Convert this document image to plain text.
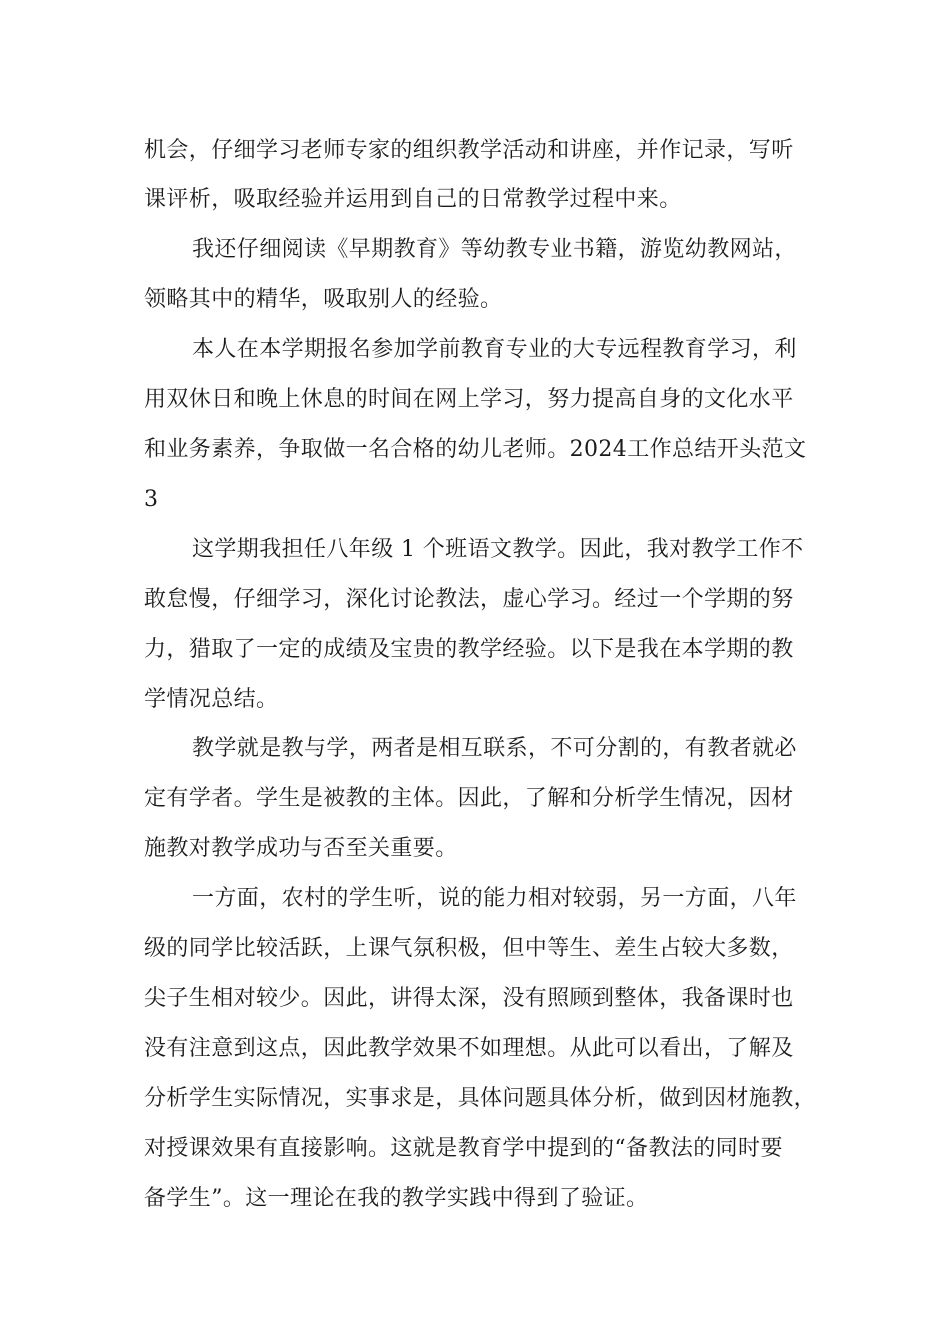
机会，仔细学习老师专家的组织教学活动和讲座，并作记录，写听
课评析，吸取经验并运用到自己的日常教学过程中来。
我还仔细阅读《早期教育》等幼教专业书籍，游览幼教网站，
领略其中的精华，吸取别人的经验。
本人在本学期报名参加学前教育专业的大专远程教育学习，利
用双休日和晚上休息的时间在网上学习，努力提高自身的文化水平
和业务素养，争取做一名合格的幼儿老师。2024工作总结开头范文
3
这学期我担任八年级 1 个班语文教学。因此，我对教学工作不
敢怠慢，仔细学习，深化讨论教法，虚心学习。经过一个学期的努
力，猎取了一定的成绩及宝贵的教学经验。以下是我在本学期的教
学情况总结。
教学就是教与学，两者是相互联系，不可分割的，有教者就必
定有学者。学生是被教的主体。因此，了解和分析学生情况，因材
施教对教学成功与否至关重要。
一方面，农村的学生听，说的能力相对较弱，另一方面，八年
级的同学比较活跃，上课气氛积极，但中等生、差生占较大多数，
尖子生相对较少。因此，讲得太深，没有照顾到整体，我备课时也
没有注意到这点，因此教学效果不如理想。从此可以看出，了解及
分析学生实际情况，实事求是，具体问题具体分析，做到因材施教，
对授课效果有直接影响。这就是教育学中提到的“备教法的同时要
备学生”。这一理论在我的教学实践中得到了验证。
